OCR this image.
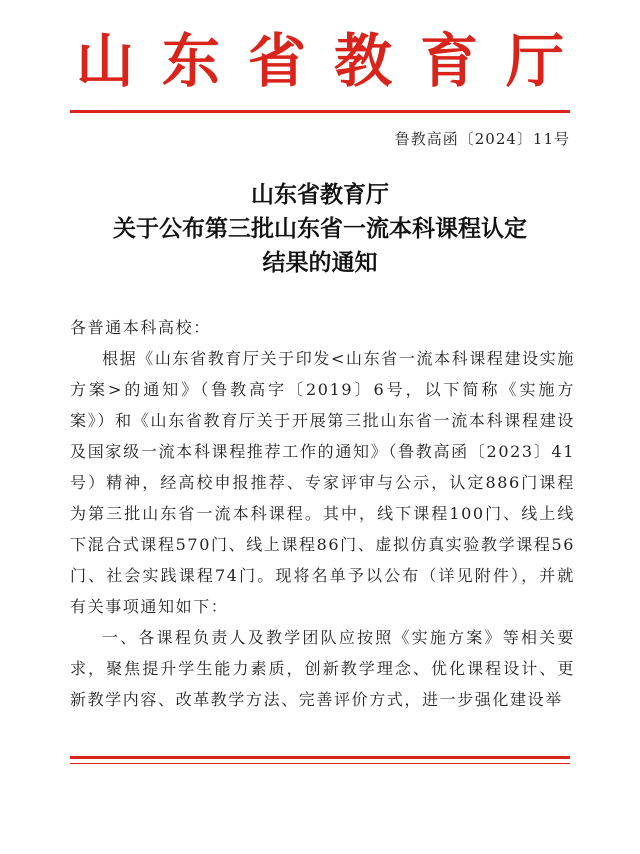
山东省教育厅
鲁教高函〔2024〕11号
山东省教育厅
关于公布第三批山东省一流本科课程认定
结果的通知

各普通本科高校：

根据《山东省教育厅关于印发<山东省一流本科课程建设实施方案>的通知》（鲁教高字〔2019〕6号，以下简称《实施方案》）和《山东省教育厅关于开展第三批山东省一流本科课程建设及国家级一流本科课程推荐工作的通知》（鲁教高函〔2023〕41号）精神，经高校申报推荐、专家评审与公示，认定886门课程为第三批山东省一流本科课程。其中，线下课程100门、线上线下混合式课程570门、线上课程86门、虚拟仿真实验教学课程56门、社会实践课程74门。现将名单予以公布（详见附件），并就有关事项通知如下：

一、各课程负责人及教学团队应按照《实施方案》等相关要求，聚焦提升学生能力素质，创新教学理念、优化课程设计、更新教学内容、改革教学方法、完善评价方式，进一步强化建设举
